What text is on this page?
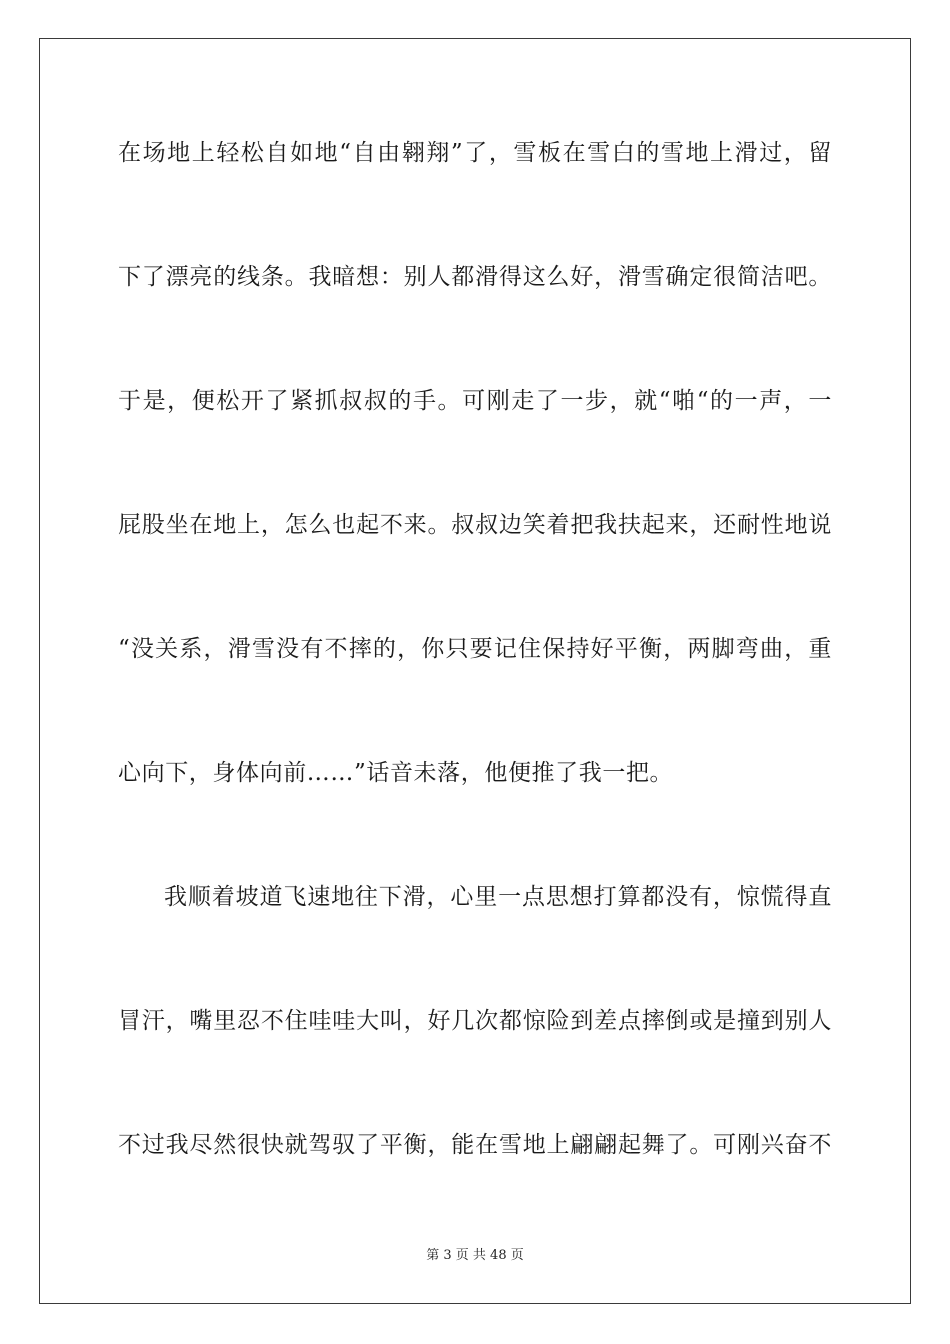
在场地上轻松自如地“自由翱翔”了，雪板在雪白的雪地上滑过，留
下了漂亮的线条。我暗想：别人都滑得这么好，滑雪确定很简洁吧。
于是，便松开了紧抓叔叔的手。可刚走了一步，就“啪“的一声，一
屁股坐在地上，怎么也起不来。叔叔边笑着把我扶起来，还耐性地说
“没关系，滑雪没有不摔的，你只要记住保持好平衡，两脚弯曲，重
心向下，身体向前……”话音未落，他便推了我一把。
我顺着坡道飞速地往下滑，心里一点思想打算都没有，惊慌得直
冒汗，嘴里忍不住哇哇大叫，好几次都惊险到差点摔倒或是撞到别人
不过我尽然很快就驾驭了平衡，能在雪地上翩翩起舞了。可刚兴奋不
第 3 页 共 48 页
